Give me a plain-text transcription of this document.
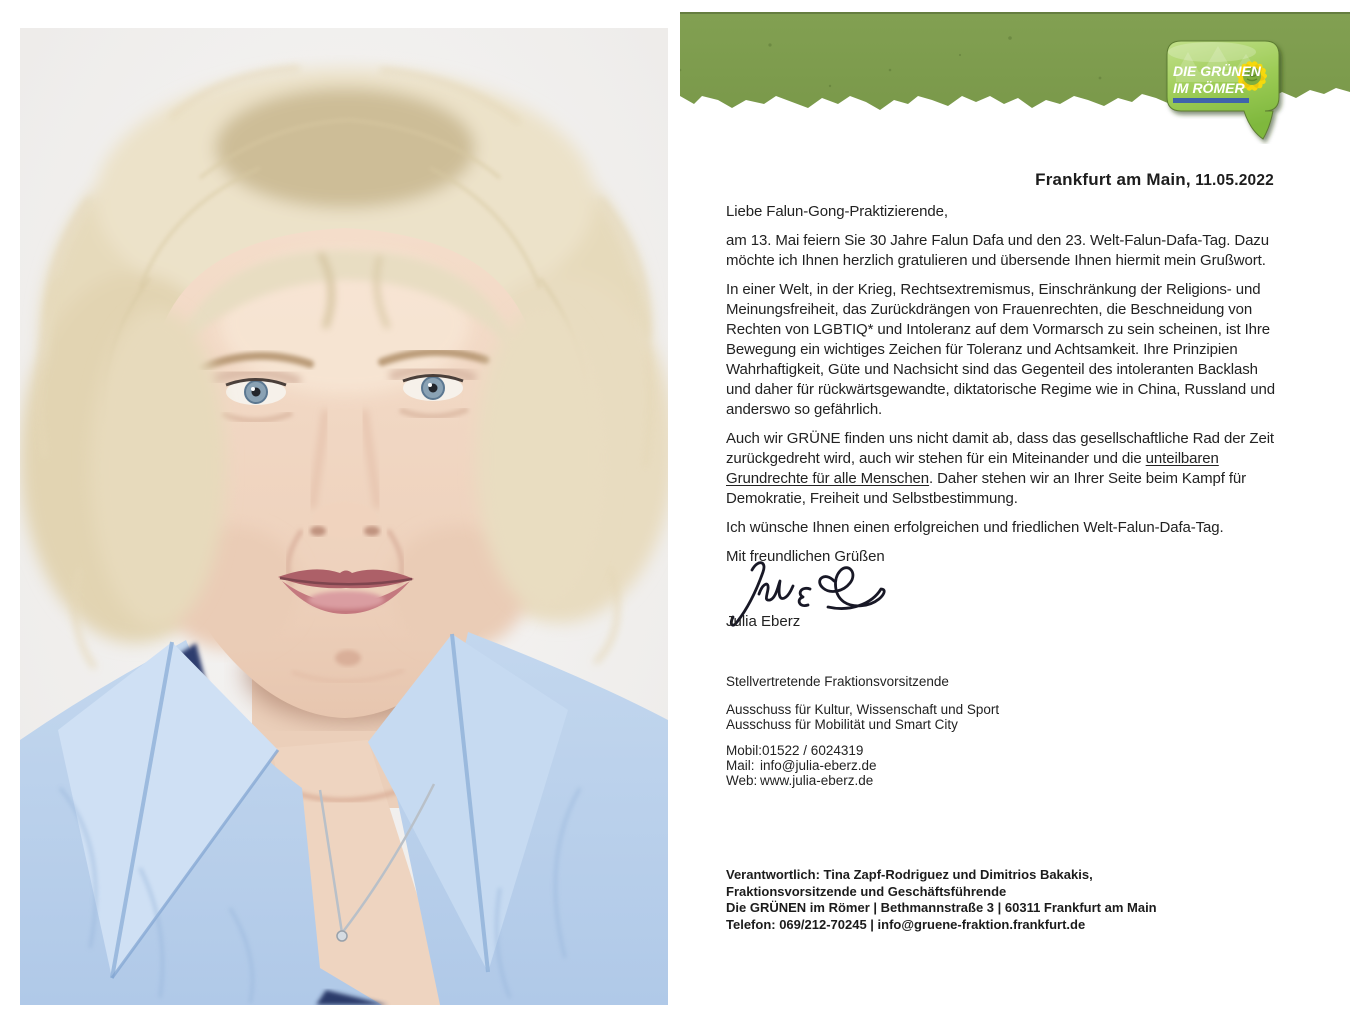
DIE GRÜNEN
IM RÖMER
Frankfurt am Main, 11.05.2022
Liebe Falun-Gong-Praktizierende,
am 13. Mai feiern Sie 30 Jahre Falun Dafa und den 23. Welt-Falun-Dafa-Tag. Dazu
möchte ich Ihnen herzlich gratulieren und übersende Ihnen hiermit mein Grußwort.
In einer Welt, in der Krieg, Rechtsextremismus, Einschränkung der Religions- und
Meinungsfreiheit, das Zurückdrängen von Frauenrechten, die Beschneidung von
Rechten von LGBTIQ* und Intoleranz auf dem Vormarsch zu sein scheinen, ist Ihre
Bewegung ein wichtiges Zeichen für Toleranz und Achtsamkeit. Ihre Prinzipien
Wahrhaftigkeit, Güte und Nachsicht sind das Gegenteil des intoleranten Backlash
und daher für rückwärtsgewandte, diktatorische Regime wie in China, Russland und
anderswo so gefährlich.
Auch wir GRÜNE finden uns nicht damit ab, dass das gesellschaftliche Rad der Zeit
zurückgedreht wird, auch wir stehen für ein Miteinander und die unteilbaren
Grundrechte für alle Menschen. Daher stehen wir an Ihrer Seite beim Kampf für
Demokratie, Freiheit und Selbstbestimmung.
Ich wünsche Ihnen einen erfolgreichen und friedlichen Welt-Falun-Dafa-Tag.
Mit freundlichen Grüßen
Julia Eberz
Stellvertretende Fraktionsvorsitzende
Ausschuss für Kultur, Wissenschaft und Sport
Ausschuss für Mobilität und Smart City
Mobil:01522 / 6024319
Mail: info@julia-eberz.de
Web: www.julia-eberz.de
Verantwortlich: Tina Zapf-Rodriguez und Dimitrios Bakakis,
Fraktionsvorsitzende und Geschäftsführende
Die GRÜNEN im Römer | Bethmannstraße 3 | 60311 Frankfurt am Main
Telefon: 069/212-70245 | info@gruene-fraktion.frankfurt.de
